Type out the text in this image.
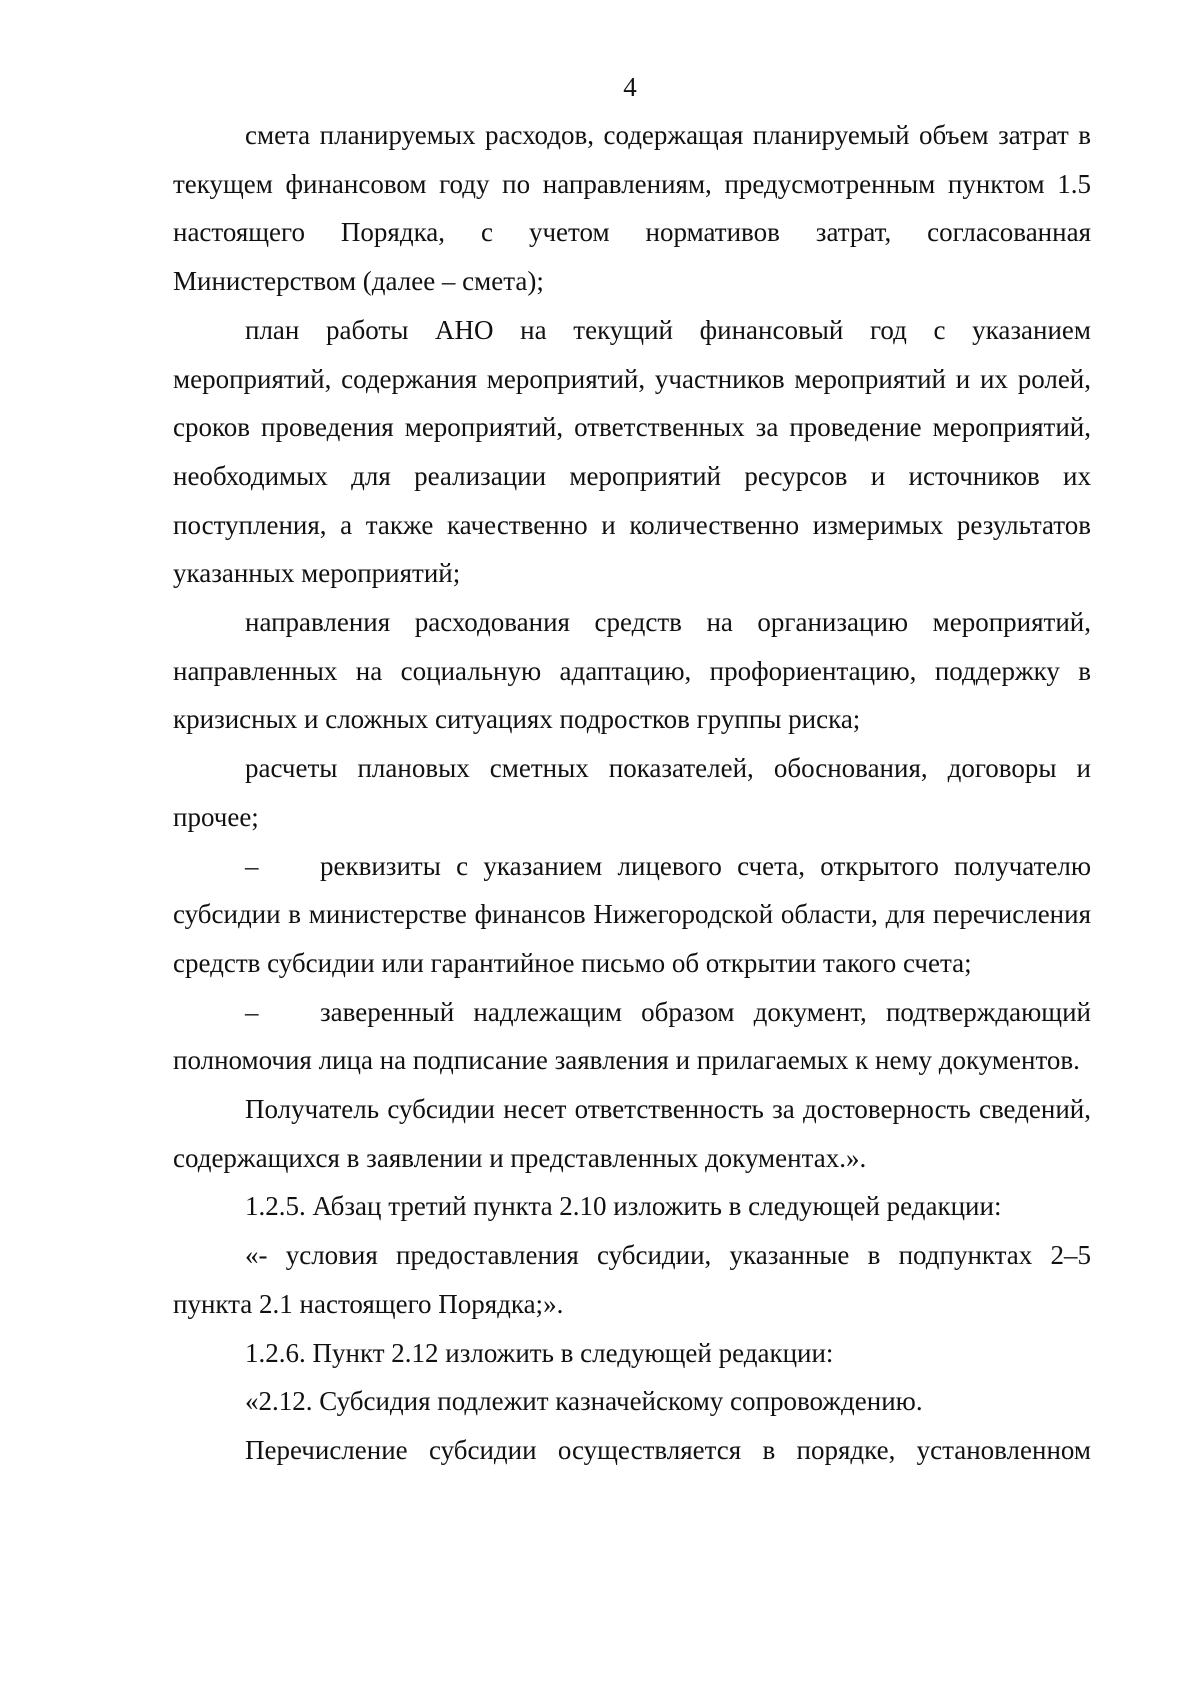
4

смета планируемых расходов, содержащая планируемый объем затрат в текущем финансовом году по направлениям, предусмотренным пунктом 1.5 настоящего Порядка, с учетом нормативов затрат, согласованная Министерством (далее – смета);

план работы АНО на текущий финансовый год с указанием мероприятий, содержания мероприятий, участников мероприятий и их ролей, сроков проведения мероприятий, ответственных за проведение мероприятий, необходимых для реализации мероприятий ресурсов и источников их поступления, а также качественно и количественно измеримых результатов указанных мероприятий;

направления расходования средств на организацию мероприятий, направленных на социальную адаптацию, профориентацию, поддержку в кризисных и сложных ситуациях подростков группы риска;

расчеты плановых сметных показателей, обоснования, договоры и прочее;

– реквизиты с указанием лицевого счета, открытого получателю субсидии в министерстве финансов Нижегородской области, для перечисления средств субсидии или гарантийное письмо об открытии такого счета;

– заверенный надлежащим образом документ, подтверждающий полномочия лица на подписание заявления и прилагаемых к нему документов.

Получатель субсидии несет ответственность за достоверность сведений, содержащихся в заявлении и представленных документах.».

1.2.5. Абзац третий пункта 2.10 изложить в следующей редакции:

«- условия предоставления субсидии, указанные в подпунктах 2–5 пункта 2.1 настоящего Порядка;».

1.2.6. Пункт 2.12 изложить в следующей редакции:

«2.12. Субсидия подлежит казначейскому сопровождению.

Перечисление субсидии осуществляется в порядке, установленном
